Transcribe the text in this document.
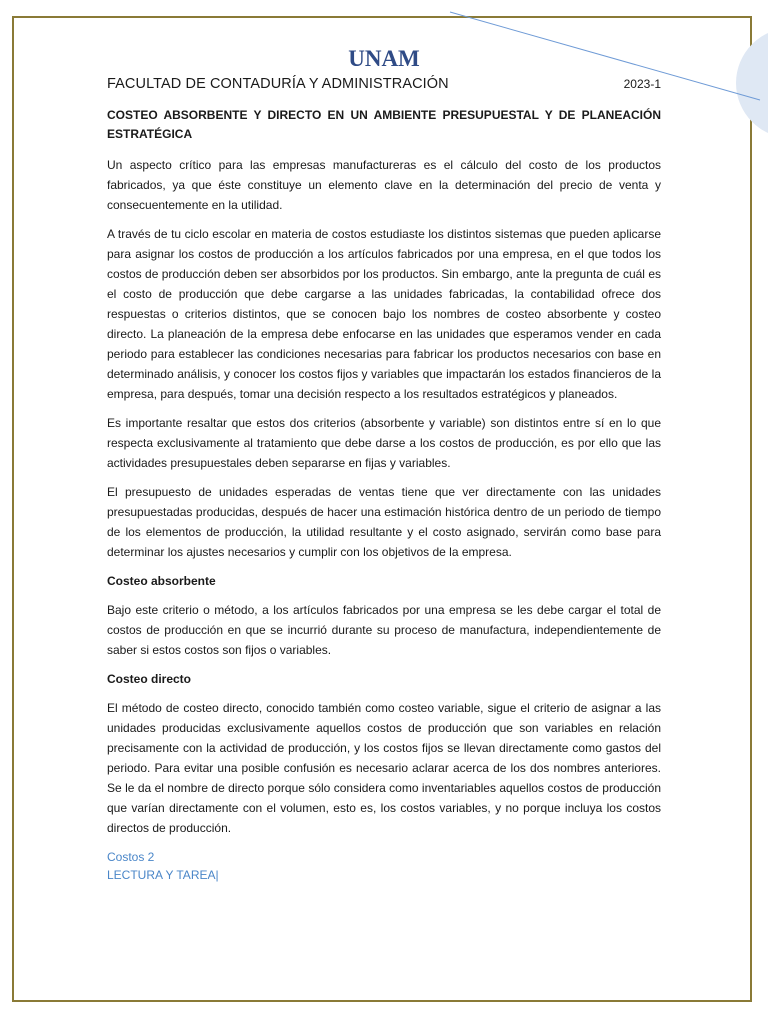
UNAM
FACULTAD DE CONTADURÍA Y ADMINISTRACIÓN	2023-1
COSTEO ABSORBENTE Y DIRECTO EN UN AMBIENTE PRESUPUESTAL Y DE PLANEACIÓN ESTRATÉGICA

Un aspecto crítico para las empresas manufactureras es el cálculo del costo de los productos fabricados, ya que éste constituye un elemento clave en la determinación del precio de venta y consecuentemente en la utilidad.

A través de tu ciclo escolar en materia de costos estudiaste los distintos sistemas que pueden aplicarse para asignar los costos de producción a los artículos fabricados por una empresa, en el que todos los costos de producción deben ser absorbidos por los productos. Sin embargo, ante la pregunta de cuál es el costo de producción que debe cargarse a las unidades fabricadas, la contabilidad ofrece dos respuestas o criterios distintos, que se conocen bajo los nombres de costeo absorbente y costeo directo. La planeación de la empresa debe enfocarse en las unidades que esperamos vender en cada periodo para establecer las condiciones necesarias para fabricar los productos necesarios con base en determinado análisis, y conocer los costos fijos y variables que impactarán los estados financieros de la empresa, para después, tomar una decisión respecto a los resultados estratégicos y planeados.

Es importante resaltar que estos dos criterios (absorbente y variable) son distintos entre sí en lo que respecta exclusivamente al tratamiento que debe darse a los costos de producción, es por ello que las actividades presupuestales deben separarse en fijas y variables.

El presupuesto de unidades esperadas de ventas tiene que ver directamente con las unidades presupuestadas producidas, después de hacer una estimación histórica dentro de un periodo de tiempo de los elementos de producción, la utilidad resultante y el costo asignado, servirán como base para determinar los ajustes necesarios y cumplir con los objetivos de la empresa.

Costeo absorbente

Bajo este criterio o método, a los artículos fabricados por una empresa se les debe cargar el total de costos de producción en que se incurrió durante su proceso de manufactura, independientemente de saber si estos costos son fijos o variables.

Costeo directo

El método de costeo directo, conocido también como costeo variable, sigue el criterio de asignar a las unidades producidas exclusivamente aquellos costos de producción que son variables en relación precisamente con la actividad de producción, y los costos fijos se llevan directamente como gastos del periodo. Para evitar una posible confusión es necesario aclarar acerca de los dos nombres anteriores. Se le da el nombre de directo porque sólo considera como inventariables aquellos costos de producción que varían directamente con el volumen, esto es, los costos variables, y no porque incluya los costos directos de producción.

Costos 2
LECTURA Y TAREA|
